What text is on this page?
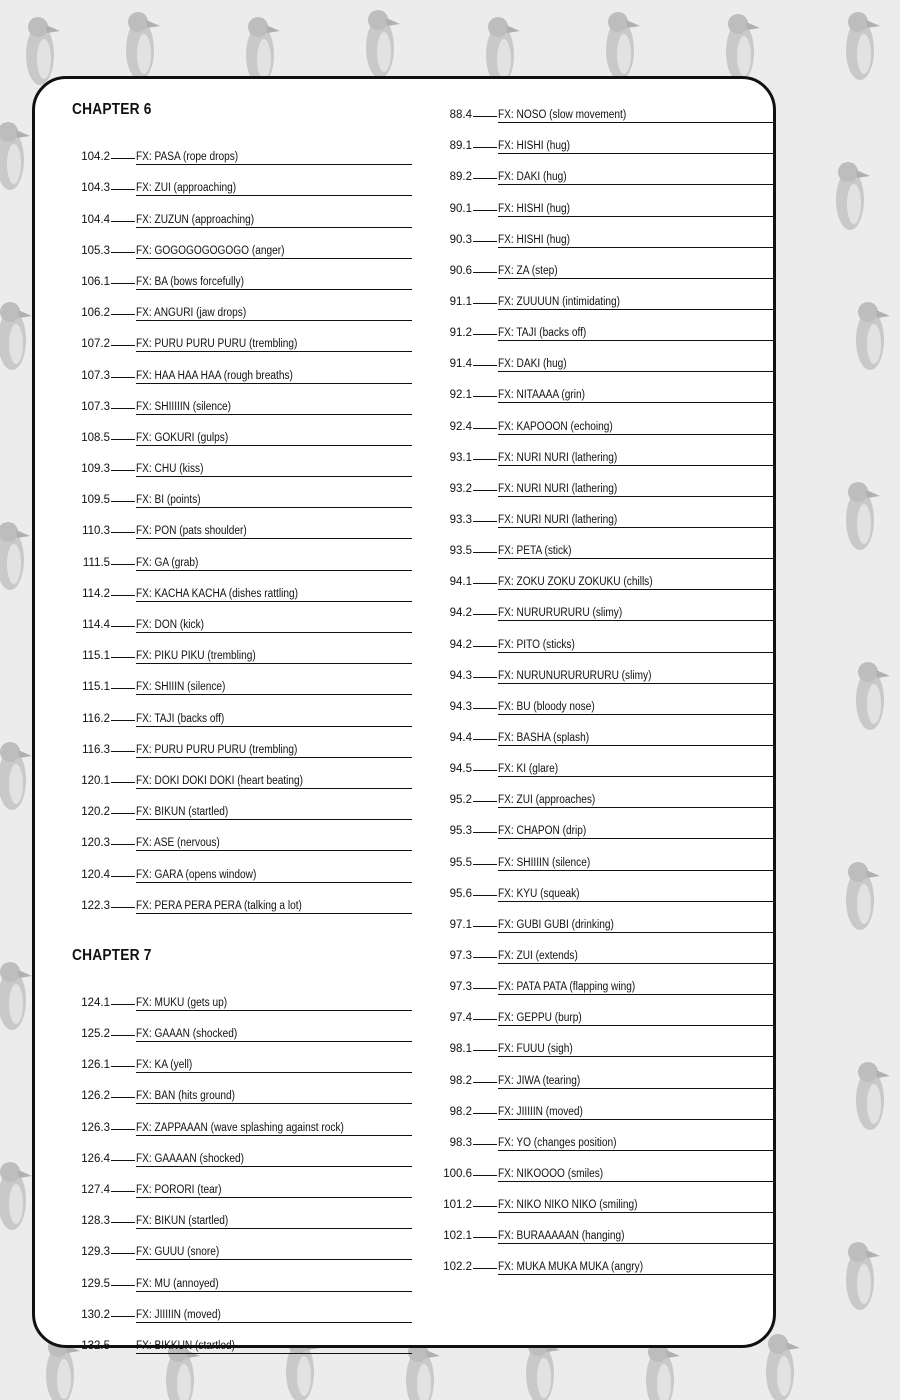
CHAPTER 6
104.2 FX: PASA (rope drops)
104.3 FX: ZUI (approaching)
104.4 FX: ZUZUN (approaching)
105.3 FX: GOGOGOGOGOGO (anger)
106.1 FX: BA (bows forcefully)
106.2 FX: ANGURI (jaw drops)
107.2 FX: PURU PURU PURU (trembling)
107.3 FX: HAA HAA HAA (rough breaths)
107.3 FX: SHIIIIIN (silence)
108.5 FX: GOKURI (gulps)
109.3 FX: CHU (kiss)
109.5 FX: BI (points)
110.3 FX: PON (pats shoulder)
111.5 FX: GA (grab)
114.2 FX: KACHA KACHA (dishes rattling)
114.4 FX: DON (kick)
115.1 FX: PIKU PIKU (trembling)
115.1 FX: SHIIIN (silence)
116.2 FX: TAJI (backs off)
116.3 FX: PURU PURU PURU (trembling)
120.1 FX: DOKI DOKI DOKI (heart beating)
120.2 FX: BIKUN (startled)
120.3 FX: ASE (nervous)
120.4 FX: GARA (opens window)
122.3 FX: PERA PERA PERA (talking a lot)
CHAPTER 7
124.1 FX: MUKU (gets up)
125.2 FX: GAAAN (shocked)
126.1 FX: KA (yell)
126.2 FX: BAN (hits ground)
126.3 FX: ZAPPAAAN (wave splashing against rock)
126.4 FX: GAAAAN (shocked)
127.4 FX: PORORI (tear)
128.3 FX: BIKUN (startled)
129.3 FX: GUUU (snore)
129.5 FX: MU (annoyed)
130.2 FX: JIIIIIN (moved)
132.5 FX: BIKKUN (startled)
88.4 FX: NOSO (slow movement)
89.1 FX: HISHI (hug)
89.2 FX: DAKI (hug)
90.1 FX: HISHI (hug)
90.3 FX: HISHI (hug)
90.6 FX: ZA (step)
91.1 FX: ZUUUUN (intimidating)
91.2 FX: TAJI (backs off)
91.4 FX: DAKI (hug)
92.1 FX: NITAAAA (grin)
92.4 FX: KAPOOON (echoing)
93.1 FX: NURI NURI (lathering)
93.2 FX: NURI NURI (lathering)
93.3 FX: NURI NURI (lathering)
93.5 FX: PETA (stick)
94.1 FX: ZOKU ZOKU ZOKUKU (chills)
94.2 FX: NURURURURU (slimy)
94.2 FX: PITO (sticks)
94.3 FX: NURUNURURURURU (slimy)
94.3 FX: BU (bloody nose)
94.4 FX: BASHA (splash)
94.5 FX: KI (glare)
95.2 FX: ZUI (approaches)
95.3 FX: CHAPON (drip)
95.5 FX: SHIIIIN (silence)
95.6 FX: KYU (squeak)
97.1 FX: GUBI GUBI (drinking)
97.3 FX: ZUI (extends)
97.3 FX: PATA PATA (flapping wing)
97.4 FX: GEPPU (burp)
98.1 FX: FUUU (sigh)
98.2 FX: JIWA (tearing)
98.2 FX: JIIIIIN (moved)
98.3 FX: YO (changes position)
100.6 FX: NIKOOOO (smiles)
101.2 FX: NIKO NIKO NIKO (smiling)
102.1 FX: BURAAAAAN (hanging)
102.2 FX: MUKA MUKA MUKA (angry)
